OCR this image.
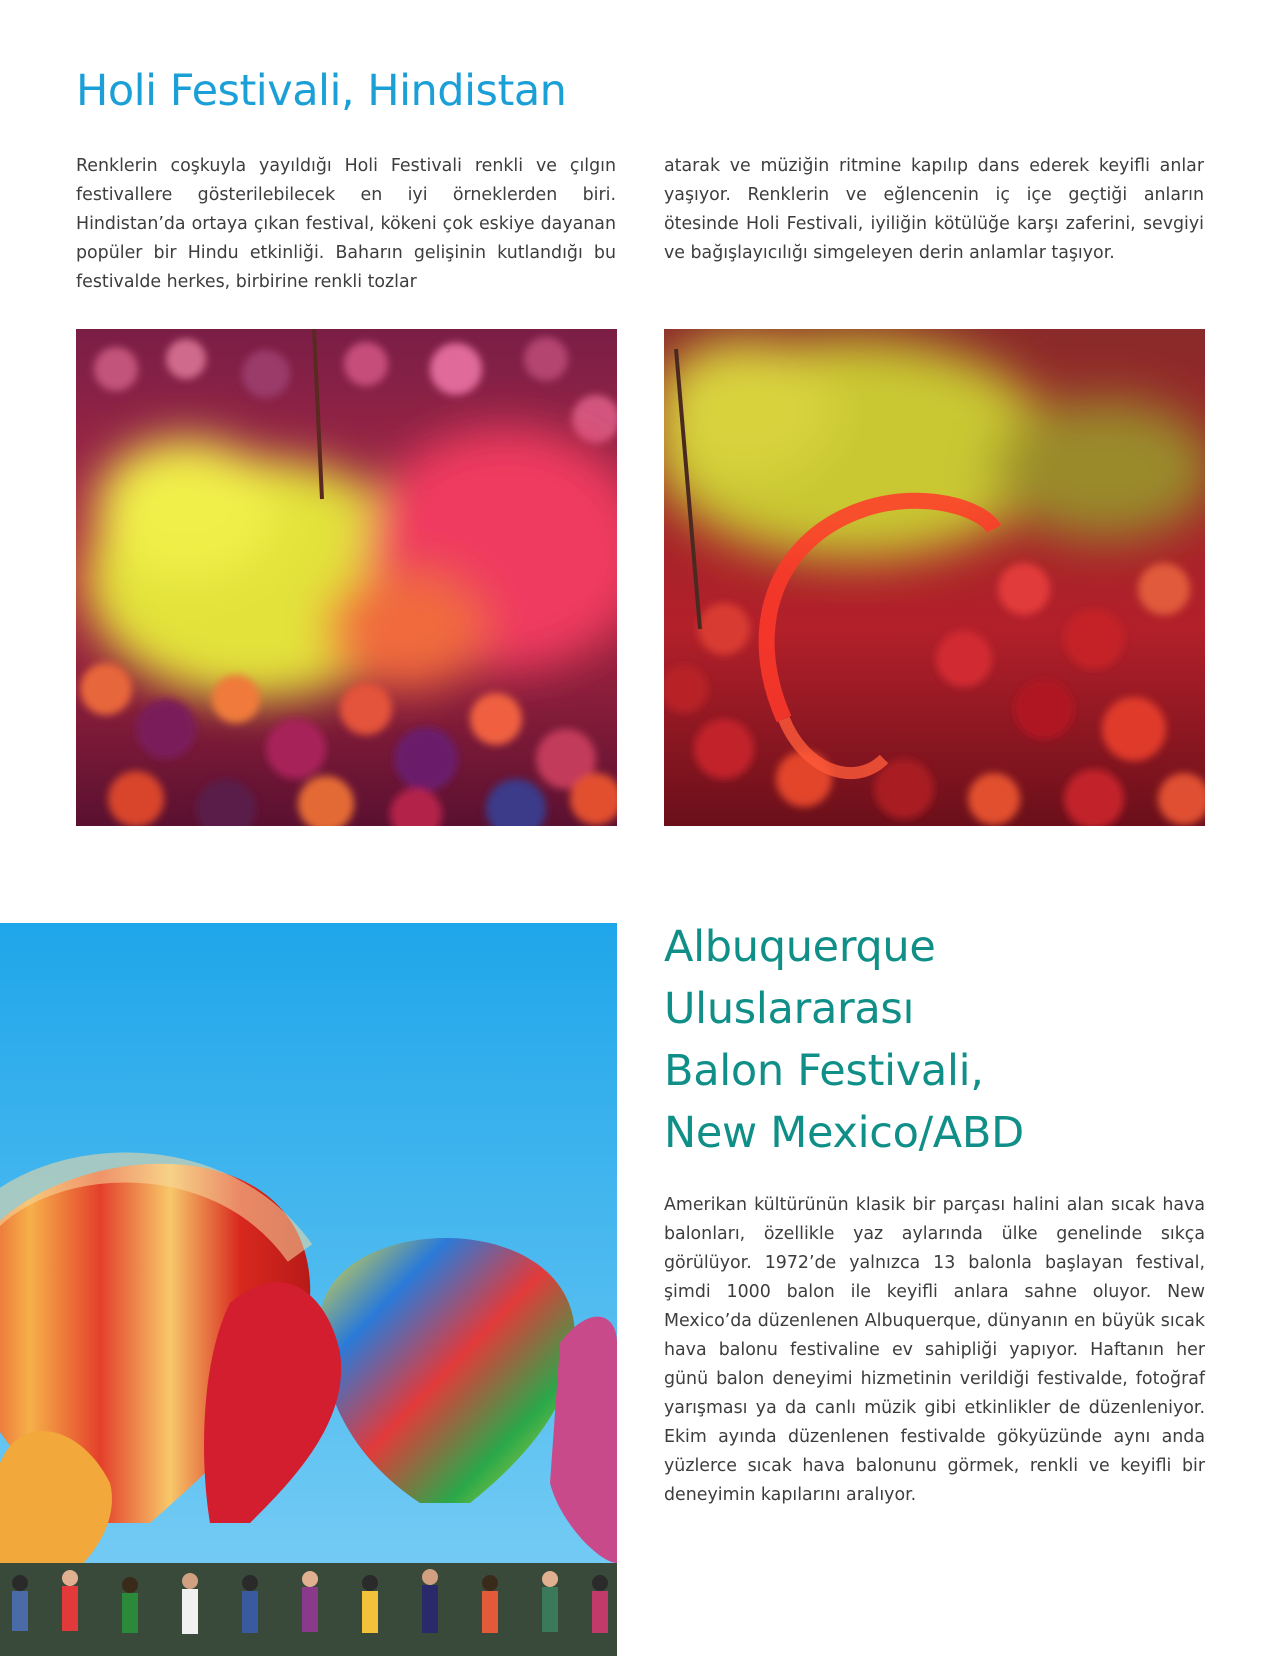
Holi Festivali, Hindistan

Renklerin coşkuyla yayıldığı Holi Festivali renkli ve çılgın festivallere gösterilebilecek en iyi örneklerden biri. Hindistan’da ortaya çıkan festival, kökeni çok eskiye dayanan popüler bir Hindu etkinliği. Baharın gelişinin kutlandığı bu festivalde herkes, birbirine renkli tozlar

atarak ve müziğin ritmine kapılıp dans ederek keyifli anlar yaşıyor. Renklerin ve eğlencenin iç içe geçtiği anların ötesinde Holi Festivali, iyiliğin kötülüğe karşı zaferini, sevgiyi ve bağışlayıcılığı simgeleyen derin anlamlar taşıyor.

Albuquerque
Uluslararası
Balon Festivali,
New Mexico/ABD

Amerikan kültürünün klasik bir parçası halini alan sıcak hava balonları, özellikle yaz aylarında ülke genelinde sıkça görülüyor. 1972’de yalnızca 13 balonla başlayan festival, şimdi 1000 balon ile keyifli anlara sahne oluyor. New Mexico’da düzenlenen Albuquerque, dünyanın en büyük sıcak hava balonu festivaline ev sahipliği yapıyor. Haftanın her günü balon deneyimi hizmetinin verildiği festivalde, fotoğraf yarışması ya da canlı müzik gibi etkinlikler de düzenleniyor. Ekim ayında düzenlenen festivalde gökyüzünde aynı anda yüzlerce sıcak hava balonunu görmek, renkli ve keyifli bir deneyimin kapılarını aralıyor.
